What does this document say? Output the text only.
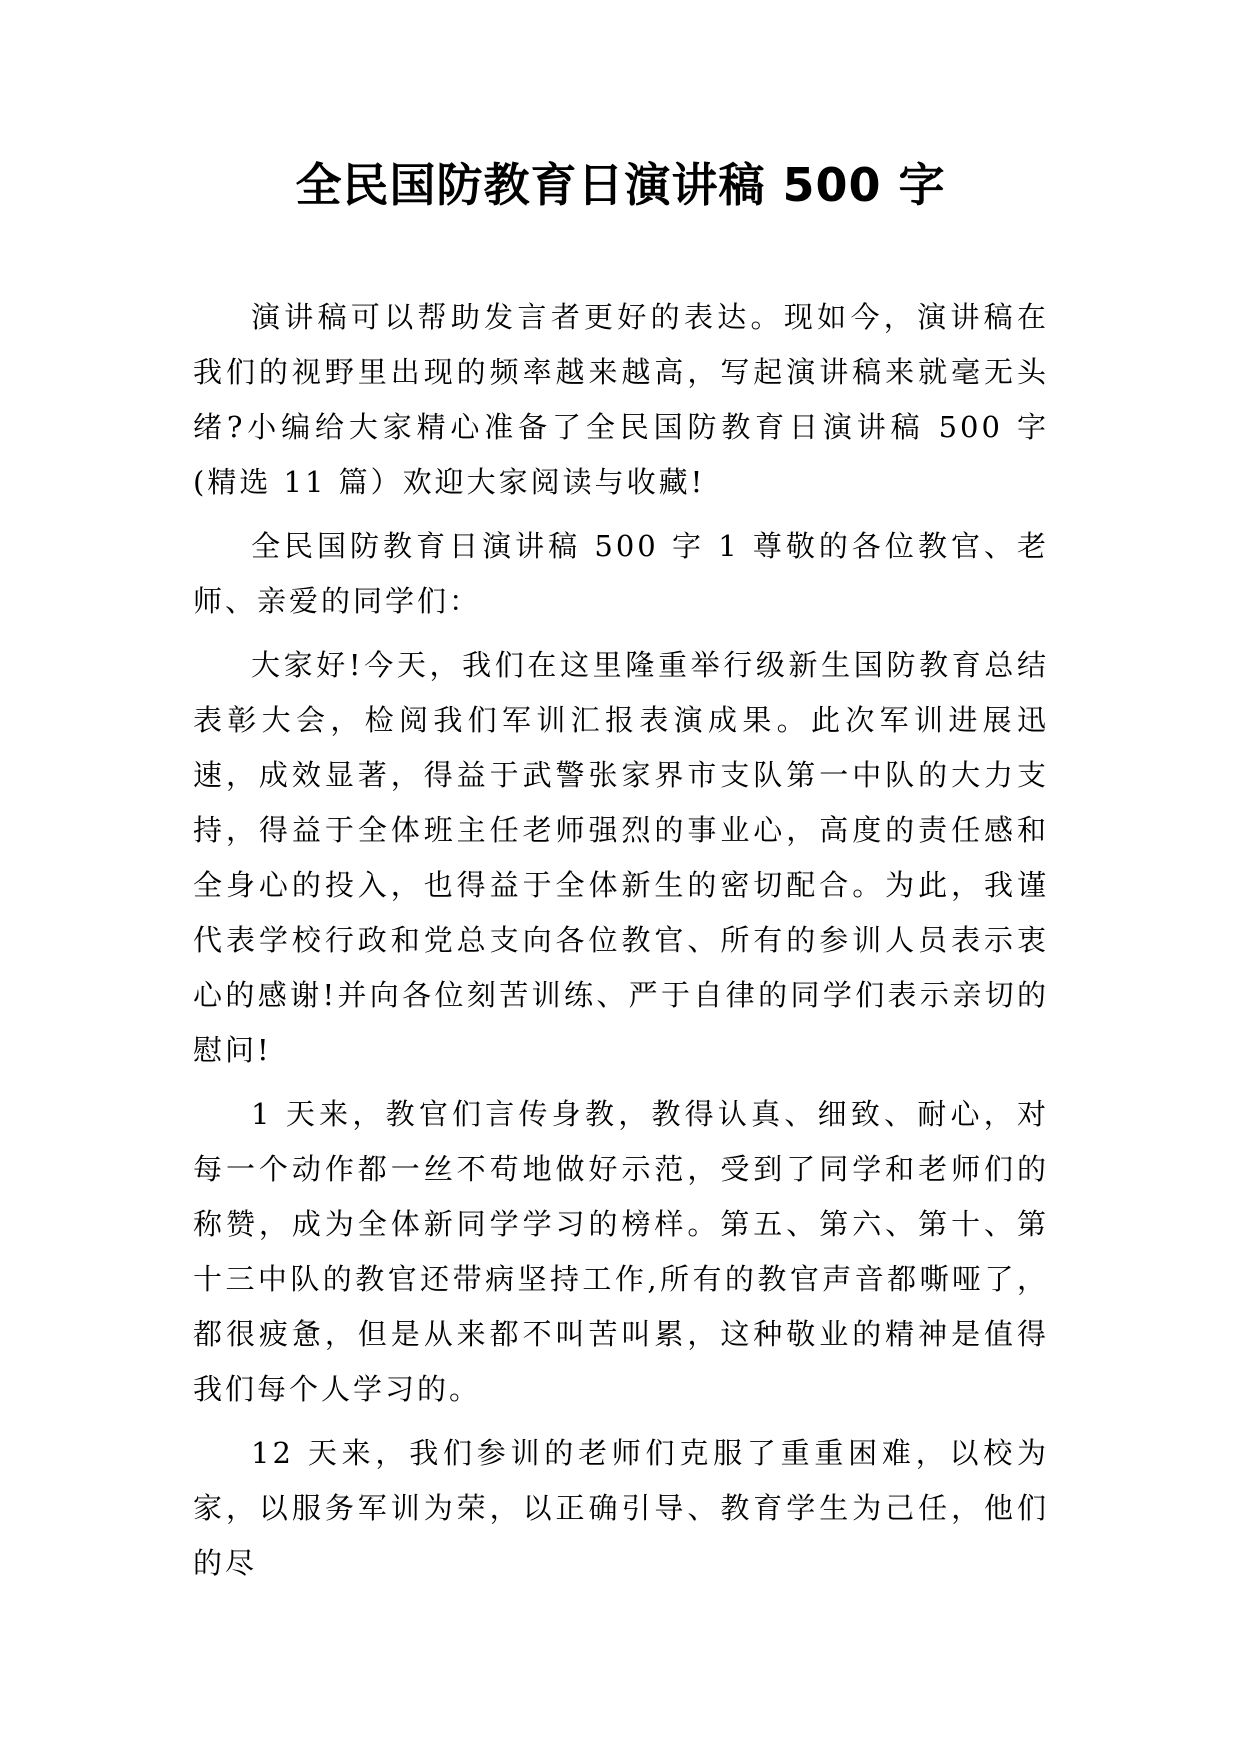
全民国防教育日演讲稿 500 字

演讲稿可以帮助发言者更好的表达。现如今，演讲稿在我们的视野里出现的频率越来越高，写起演讲稿来就毫无头绪?小编给大家精心准备了全民国防教育日演讲稿 500 字(精选 11 篇）欢迎大家阅读与收藏!

全民国防教育日演讲稿 500 字 1 尊敬的各位教官、老师、亲爱的同学们：

大家好!今天，我们在这里隆重举行级新生国防教育总结表彰大会，检阅我们军训汇报表演成果。此次军训进展迅速，成效显著，得益于武警张家界市支队第一中队的大力支持，得益于全体班主任老师强烈的事业心，高度的责任感和全身心的投入，也得益于全体新生的密切配合。为此，我谨代表学校行政和党总支向各位教官、所有的参训人员表示衷心的感谢!并向各位刻苦训练、严于自律的同学们表示亲切的慰问!

1 天来，教官们言传身教，教得认真、细致、耐心，对每一个动作都一丝不苟地做好示范，受到了同学和老师们的称赞，成为全体新同学学习的榜样。第五、第六、第十、第十三中队的教官还带病坚持工作,所有的教官声音都嘶哑了，都很疲惫，但是从来都不叫苦叫累，这种敬业的精神是值得我们每个人学习的。

12 天来，我们参训的老师们克服了重重困难，以校为家，以服务军训为荣，以正确引导、教育学生为己任，他们的尽
